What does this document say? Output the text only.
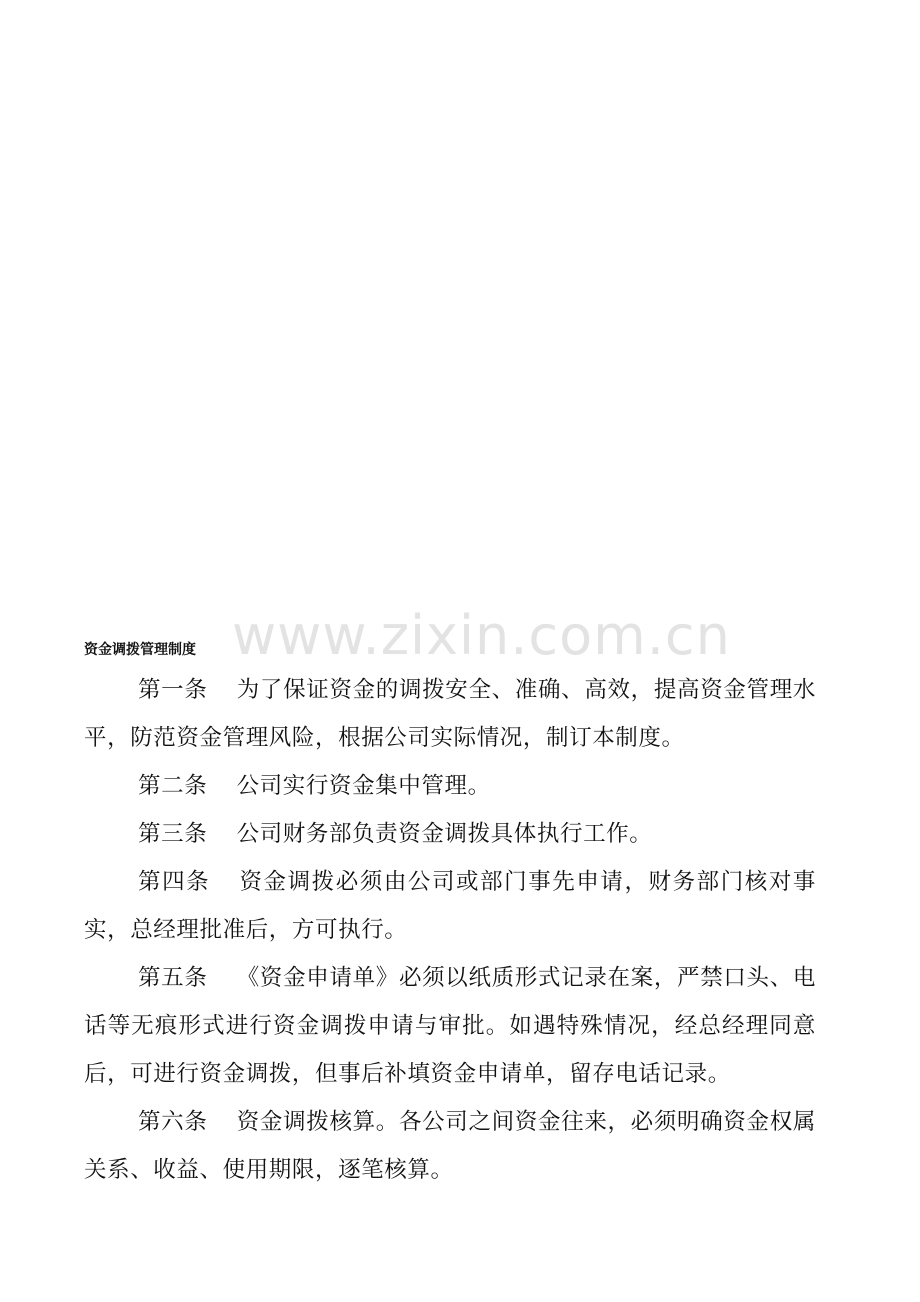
www.zixin.com.cn
资金调拨管理制度

第一条 为了保证资金的调拨安全、准确、高效，提高资金管理水平，防范资金管理风险，根据公司实际情况，制订本制度。

第二条 公司实行资金集中管理。

第三条 公司财务部负责资金调拨具体执行工作。

第四条 资金调拨必须由公司或部门事先申请，财务部门核对事实，总经理批准后，方可执行。

第五条 《资金申请单》必须以纸质形式记录在案，严禁口头、电话等无痕形式进行资金调拨申请与审批。如遇特殊情况，经总经理同意后，可进行资金调拨，但事后补填资金申请单，留存电话记录。

第六条 资金调拨核算。各公司之间资金往来，必须明确资金权属关系、收益、使用期限，逐笔核算。
